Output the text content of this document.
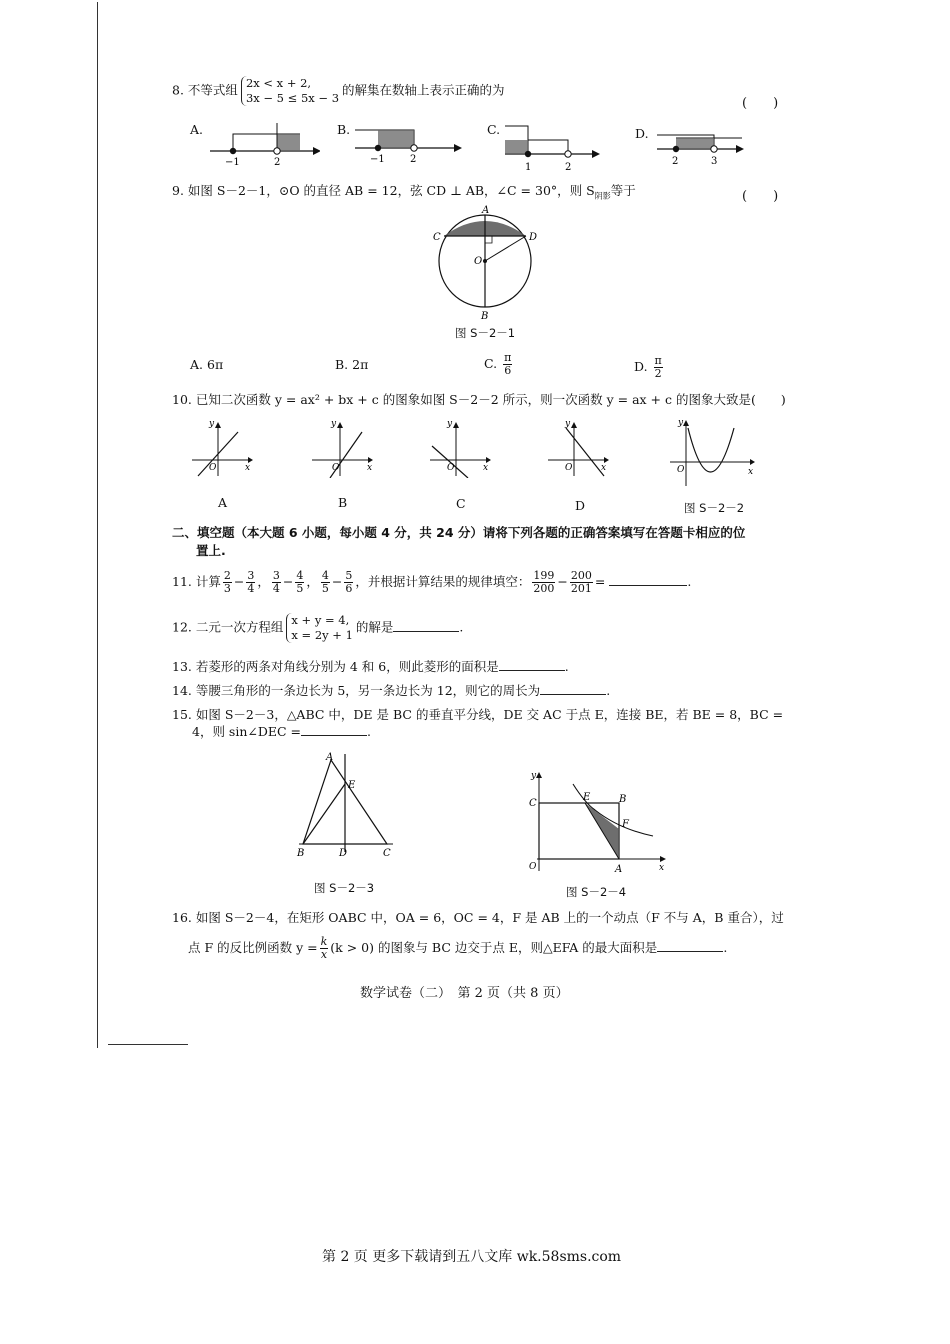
8. 不等式组 2x < x + 2,
3x − 5 ≤ 5x − 3的解集在数轴上表示正确的为
(　　)
A.
−1	2
B.
−1	2
C.
1	2
D.
2	3
9. 如图 S－2－1，⊙O 的直径 AB = 12，弦 CD ⊥ AB，∠C = 30°，则 $S_{阴影}$等于	(　　)
A
C	D
O
B
图 S－2－1
A. 6π	B. 2π	C. $\frac{\pi}{6}$	D. $\frac{\pi}{2}$
10. 已知二次函数 y = ax² + bx + c 的图象如图 S－2－2 所示，则一次函数 y = ax + c 的图象大致是(　　)
y
x
O
y
x
O
y
x
O
y
x
O
y
x
O
A	B	C	D	图 S－2－2
二、填空题（本大题 6 小题，每小题 4 分，共 24 分）请将下列各题的正确答案填写在答题卡相应的位
置上.
11. 计算 $\frac{2}{3} - \frac{3}{4}$ ， $\frac{3}{4} - \frac{4}{5}$ ， $\frac{4}{5} - \frac{5}{6}$ ，并根据计算结果的规律填空： $\frac{199}{200} - \frac{200}{201}$ =	.
12. 二元一次方程组 x + y = 4,
x = 2y + 1的解是	.
13. 若菱形的两条对角线分别为 4 和 6，则此菱形的面积是	.
14. 等腰三角形的一条边长为 5，另一条边长为 12，则它的周长为	.
15. 如图 S－2－3，△ABC 中，DE 是 BC 的垂直平分线，DE 交 AC 于点 E，连接 BE，若 BE = 8，BC =
4，则 sin∠DEC =	.
A
E
B	D	C
图 S－2－3
y
x
O
C
E	B
F
A
图 S－2－4
16. 如图 S－2－4，在矩形 OABC 中，OA = 6，OC = 4，F 是 AB 上的一个动点（F 不与 A，B 重合），过
点 F 的反比例函数 $y = \frac{k}{x} (k > 0)$ 的图象与 BC 边交于点 E，则△EFA 的最大面积是	.
数学试卷（二）　第 2 页（共 8 页）
第 2 页 更多下载请到五八文库 wk.58sms.com
